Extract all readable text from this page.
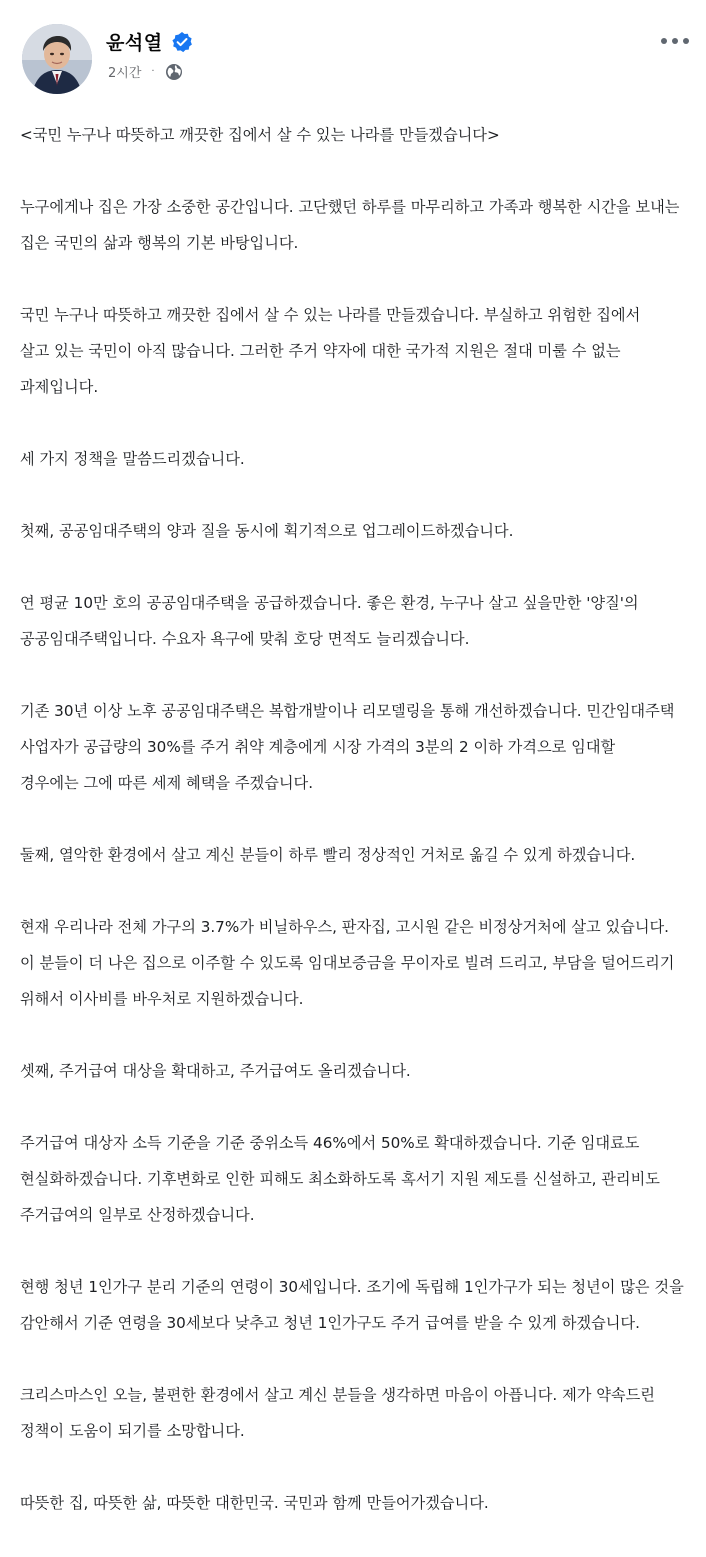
윤석열
2시간 ·

<국민 누구나 따뜻하고 깨끗한 집에서 살 수 있는 나라를 만들겠습니다>

누구에게나 집은 가장 소중한 공간입니다. 고단했던 하루를 마무리하고 가족과 행복한 시간을 보내는
집은 국민의 삶과 행복의 기본 바탕입니다.

국민 누구나 따뜻하고 깨끗한 집에서 살 수 있는 나라를 만들겠습니다. 부실하고 위험한 집에서
살고 있는 국민이 아직 많습니다. 그러한 주거 약자에 대한 국가적 지원은 절대 미룰 수 없는
과제입니다.

세 가지 정책을 말씀드리겠습니다.

첫째, 공공임대주택의 양과 질을 동시에 획기적으로 업그레이드하겠습니다.

연 평균 10만 호의 공공임대주택을 공급하겠습니다. 좋은 환경, 누구나 살고 싶을만한 '양질'의
공공임대주택입니다. 수요자 욕구에 맞춰 호당 면적도 늘리겠습니다.

기존 30년 이상 노후 공공임대주택은 복합개발이나 리모델링을 통해 개선하겠습니다. 민간임대주택
사업자가 공급량의 30%를 주거 취약 계층에게 시장 가격의 3분의 2 이하 가격으로 임대할
경우에는 그에 따른 세제 혜택을 주겠습니다.

둘째, 열악한 환경에서 살고 계신 분들이 하루 빨리 정상적인 거처로 옮길 수 있게 하겠습니다.

현재 우리나라 전체 가구의 3.7%가 비닐하우스, 판자집, 고시원 같은 비정상거처에 살고 있습니다.
이 분들이 더 나은 집으로 이주할 수 있도록 임대보증금을 무이자로 빌려 드리고, 부담을 덜어드리기
위해서 이사비를 바우처로 지원하겠습니다.

셋째, 주거급여 대상을 확대하고, 주거급여도 올리겠습니다.

주거급여 대상자 소득 기준을 기준 중위소득 46%에서 50%로 확대하겠습니다. 기준 임대료도
현실화하겠습니다. 기후변화로 인한 피해도 최소화하도록 혹서기 지원 제도를 신설하고, 관리비도
주거급여의 일부로 산정하겠습니다.

현행 청년 1인가구 분리 기준의 연령이 30세입니다. 조기에 독립해 1인가구가 되는 청년이 많은 것을
감안해서 기준 연령을 30세보다 낮추고 청년 1인가구도 주거 급여를 받을 수 있게 하겠습니다.

크리스마스인 오늘, 불편한 환경에서 살고 계신 분들을 생각하면 마음이 아픕니다. 제가 약속드린
정책이 도움이 되기를 소망합니다.

따뜻한 집, 따뜻한 삶, 따뜻한 대한민국. 국민과 함께 만들어가겠습니다.
